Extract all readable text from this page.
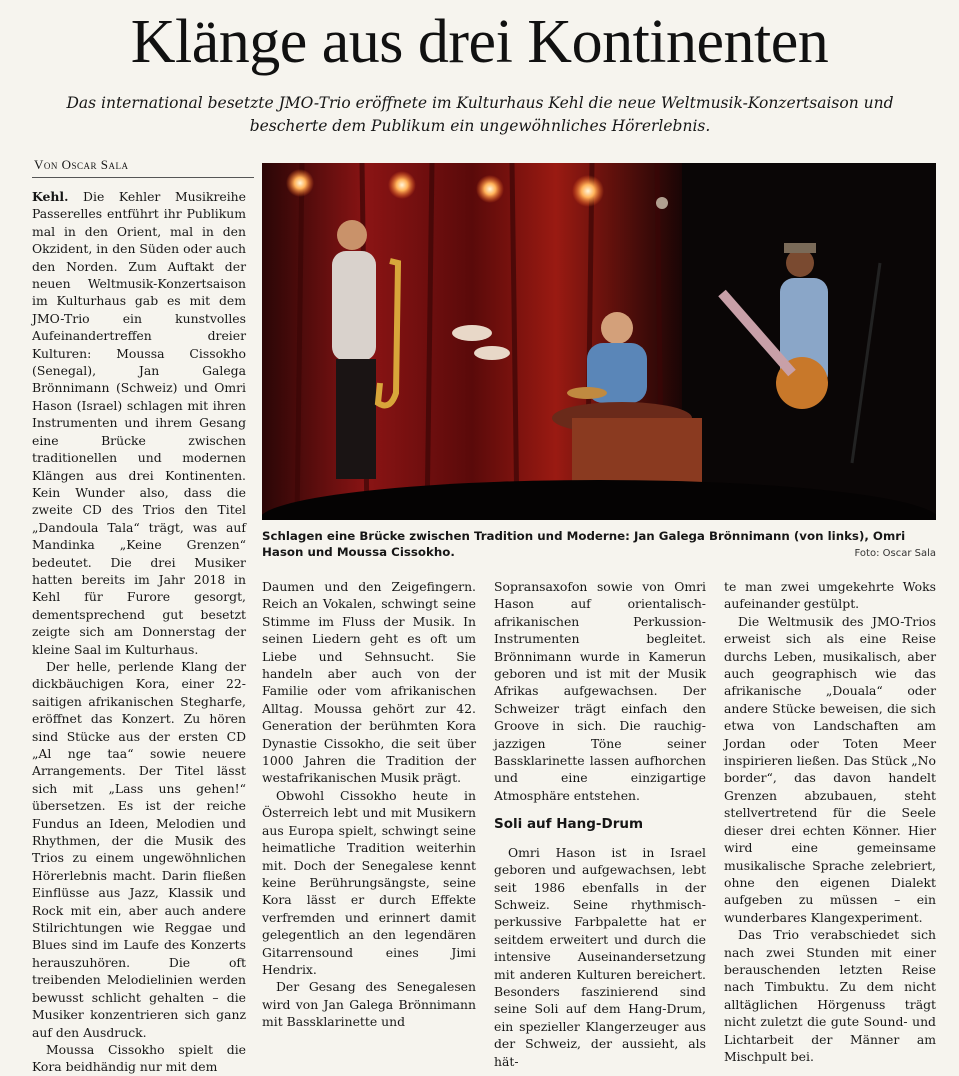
Klänge aus drei Kontinenten

Das international besetzte JMO-Trio eröffnete im Kulturhaus Kehl die neue Weltmusik-Konzertsaison und bescherte dem Publikum ein ungewöhnliches Hörerlebnis.

Von Oscar Sala

Kehl. Die Kehler Musikreihe Passerelles entführt ihr Publikum mal in den Orient, mal in den Okzident, in den Süden oder auch den Norden. Zum Auftakt der neuen Weltmusik-Konzertsaison im Kulturhaus gab es mit dem JMO-Trio ein kunstvolles Aufeinandertreffen dreier Kulturen: Moussa Cissokho (Senegal), Jan Galega Brönnimann (Schweiz) und Omri Hason (Israel) schlagen mit ihren Instrumenten und ihrem Gesang eine Brücke zwischen traditionellen und modernen Klängen aus drei Kontinenten. Kein Wunder also, dass die zweite CD des Trios den Titel „Dandoula Tala“ trägt, was auf Mandinka „Keine Grenzen“ bedeutet. Die drei Musiker hatten bereits im Jahr 2018 in Kehl für Furore gesorgt, dementsprechend gut besetzt zeigte sich am Donnerstag der kleine Saal im Kulturhaus.

Der helle, perlende Klang der dickbäuchigen Kora, einer 22-saitigen afrikanischen Stegharfe, eröffnet das Konzert. Zu hören sind Stücke aus der ersten CD „Al nge taa“ sowie neuere Arrangements. Der Titel lässt sich mit „Lass uns gehen!“ übersetzen. Es ist der reiche Fundus an Ideen, Melodien und Rhythmen, der die Musik des Trios zu einem ungewöhnlichen Hörerlebnis macht. Darin fließen Einflüsse aus Jazz, Klassik und Rock mit ein, aber auch andere Stilrichtungen wie Reggae und Blues sind im Laufe des Konzerts herauszuhören. Die oft treibenden Melodielinien werden bewusst schlicht gehalten – die Musiker konzentrieren sich ganz auf den Ausdruck.

Moussa Cissokho spielt die Kora beidhändig nur mit dem

Schlagen eine Brücke zwischen Tradition und Moderne: Jan Galega Brönnimann (von links), Omri Hason und Moussa Cissokho.	Foto: Oscar Sala

Daumen und den Zeigefingern. Reich an Vokalen, schwingt seine Stimme im Fluss der Musik. In seinen Liedern geht es oft um Liebe und Sehnsucht. Sie handeln aber auch von der Familie oder vom afrikanischen Alltag. Moussa gehört zur 42. Generation der berühmten Kora Dynastie Cissokho, die seit über 1000 Jahren die Tradition der westafrikanischen Musik prägt.

Obwohl Cissokho heute in Österreich lebt und mit Musikern aus Europa spielt, schwingt seine heimatliche Tradition weiterhin mit. Doch der Senegalese kennt keine Berührungsängste, seine Kora lässt er durch Effekte verfremden und erinnert damit gelegentlich an den legendären Gitarrensound eines Jimi Hendrix.

Der Gesang des Senegalesen wird von Jan Galega Brönnimann mit Bassklarinette und

Sopransaxofon sowie von Omri Hason auf orientalisch-afrikanischen Perkussion-Instrumenten begleitet. Brönnimann wurde in Kamerun geboren und ist mit der Musik Afrikas aufgewachsen. Der Schweizer trägt einfach den Groove in sich. Die rauchig-jazzigen Töne seiner Bassklarinette lassen aufhorchen und eine einzigartige Atmosphäre entstehen.

Soli auf Hang-Drum

Omri Hason ist in Israel geboren und aufgewachsen, lebt seit 1986 ebenfalls in der Schweiz. Seine rhythmisch-perkussive Farbpalette hat er seitdem erweitert und durch die intensive Auseinandersetzung mit anderen Kulturen bereichert. Besonders faszinierend sind seine Soli auf dem Hang-Drum, ein spezieller Klangerzeuger aus der Schweiz, der aussieht, als hät-

te man zwei umgekehrte Woks aufeinander gestülpt.

Die Weltmusik des JMO-Trios erweist sich als eine Reise durchs Leben, musikalisch, aber auch geographisch wie das afrikanische „Douala“ oder andere Stücke beweisen, die sich etwa von Landschaften am Jordan oder Toten Meer inspirieren ließen. Das Stück „No border“, das davon handelt Grenzen abzubauen, steht stellvertretend für die Seele dieser drei echten Könner. Hier wird eine gemeinsame musikalische Sprache zelebriert, ohne den eigenen Dialekt aufgeben zu müssen – ein wunderbares Klangexperiment.

Das Trio verabschiedet sich nach zwei Stunden mit einer berauschenden letzten Reise nach Timbuktu. Zu dem nicht alltäglichen Hörgenuss trägt nicht zuletzt die gute Sound- und Lichtarbeit der Männer am Mischpult bei.
